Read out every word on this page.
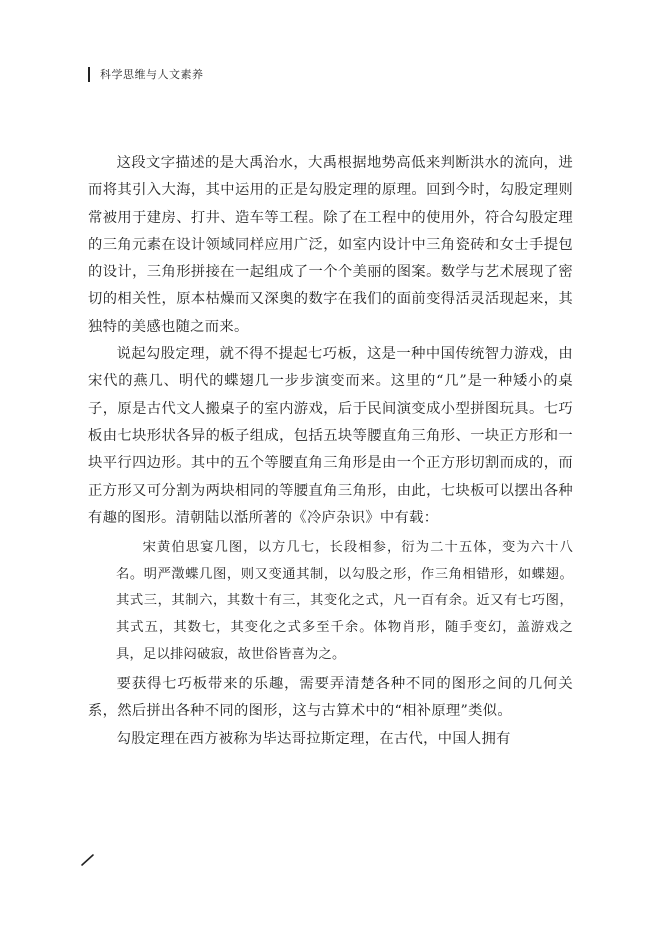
科学思维与人文素养

这段文字描述的是大禹治水，大禹根据地势高低来判断洪水的流向，进而将其引入大海，其中运用的正是勾股定理的原理。回到今时，勾股定理则常被用于建房、打井、造车等工程。除了在工程中的使用外，符合勾股定理的三角元素在设计领域同样应用广泛，如室内设计中三角瓷砖和女士手提包的设计，三角形拼接在一起组成了一个个美丽的图案。数学与艺术展现了密切的相关性，原本枯燥而又深奥的数字在我们的面前变得活灵活现起来，其独特的美感也随之而来。

说起勾股定理，就不得不提起七巧板，这是一种中国传统智力游戏，由宋代的燕几、明代的蝶翅几一步步演变而来。这里的“几”是一种矮小的桌子，原是古代文人搬桌子的室内游戏，后于民间演变成小型拼图玩具。七巧板由七块形状各异的板子组成，包括五块等腰直角三角形、一块正方形和一块平行四边形。其中的五个等腰直角三角形是由一个正方形切割而成的，而正方形又可分割为两块相同的等腰直角三角形，由此，七块板可以摆出各种有趣的图形。清朝陆以湉所著的《冷庐杂识》中有载：

宋黄伯思宴几图，以方几七，长段相参，衍为二十五体，变为六十八名。明严澂蝶几图，则又变通其制，以勾股之形，作三角相错形，如蝶翅。其式三，其制六，其数十有三，其变化之式，凡一百有余。近又有七巧图，其式五，其数七，其变化之式多至千余。体物肖形，随手变幻，盖游戏之具，足以排闷破寂，故世俗皆喜为之。

要获得七巧板带来的乐趣，需要弄清楚各种不同的图形之间的几何关系，然后拼出各种不同的图形，这与古算术中的“相补原理”类似。

勾股定理在西方被称为毕达哥拉斯定理，在古代，中国人拥有
